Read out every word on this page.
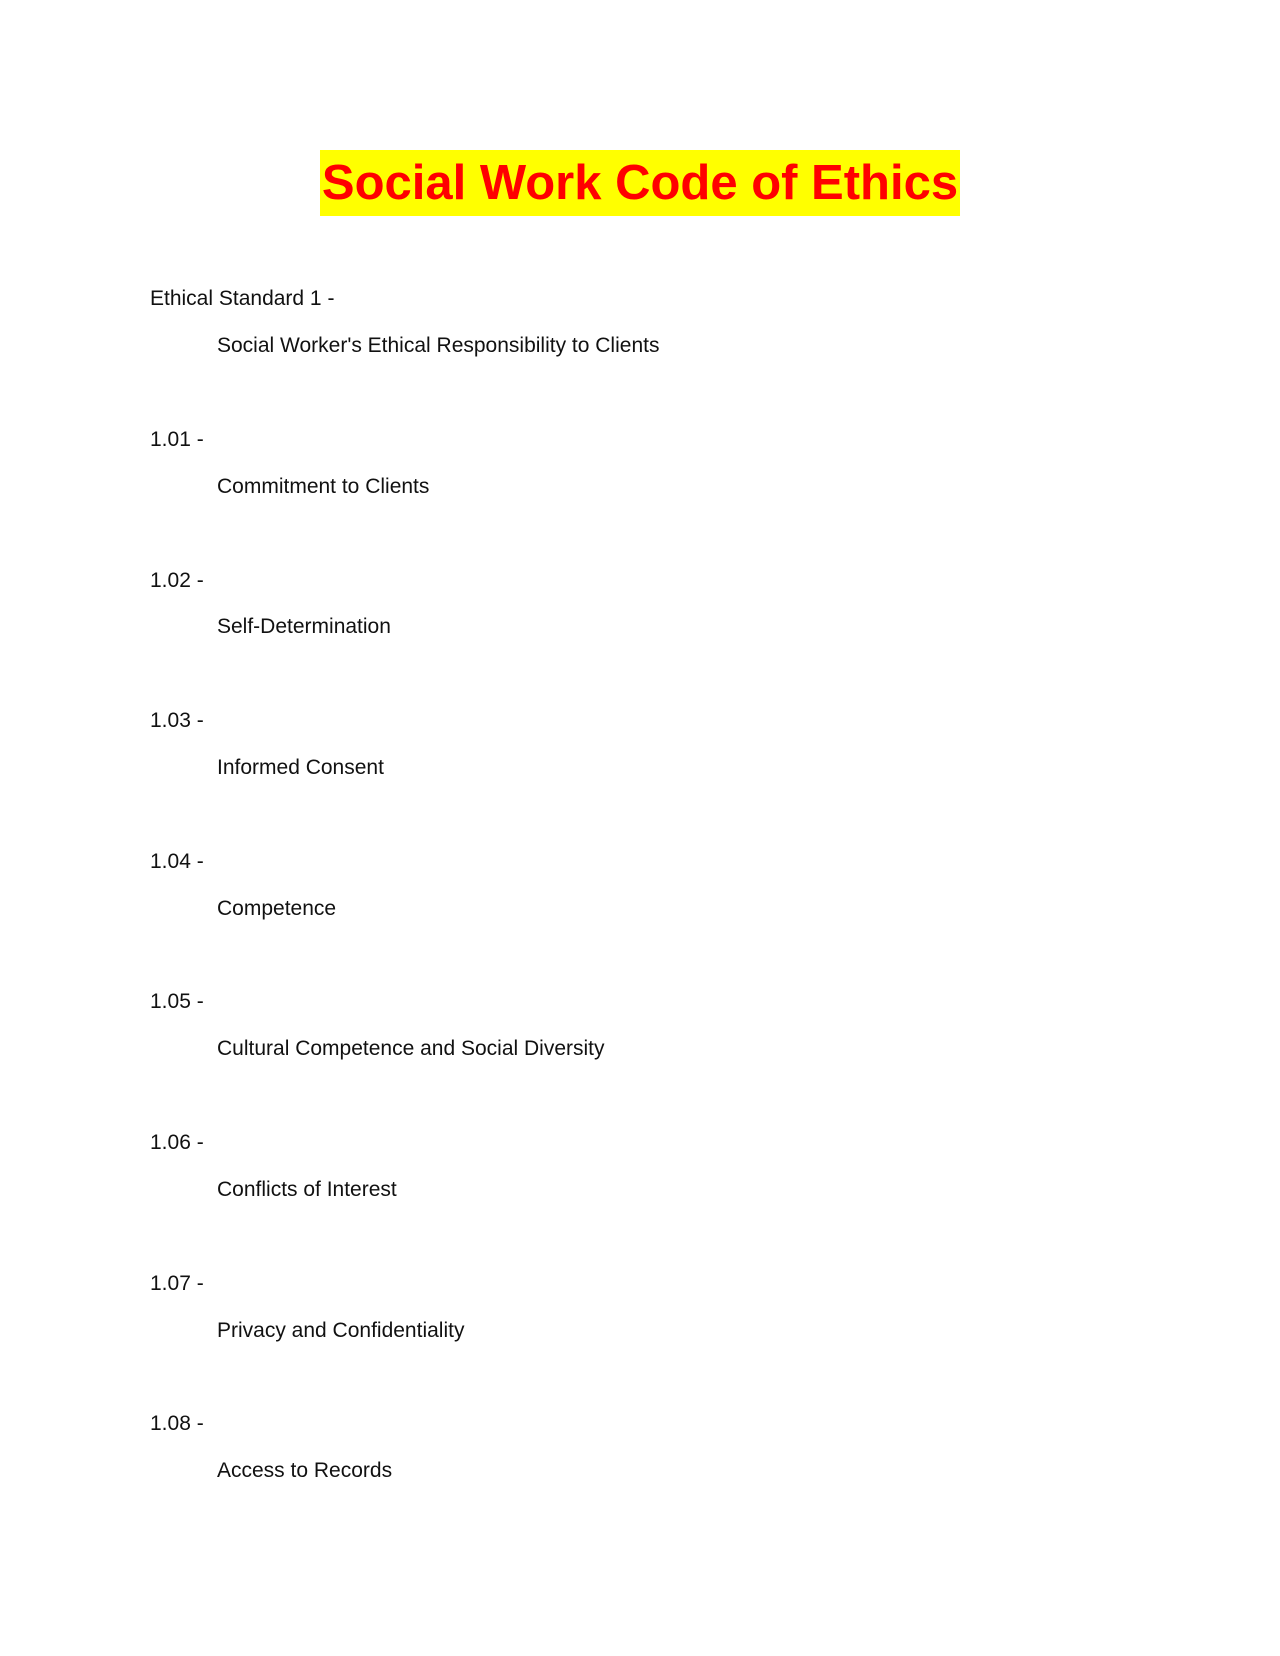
Social Work Code of Ethics
Ethical Standard 1 -
Social Worker's Ethical Responsibility to Clients
1.01 -
Commitment to Clients
1.02 -
Self-Determination
1.03 -
Informed Consent
1.04 -
Competence
1.05 -
Cultural Competence and Social Diversity
1.06 -
Conflicts of Interest
1.07 -
Privacy and Confidentiality
1.08 -
Access to Records
